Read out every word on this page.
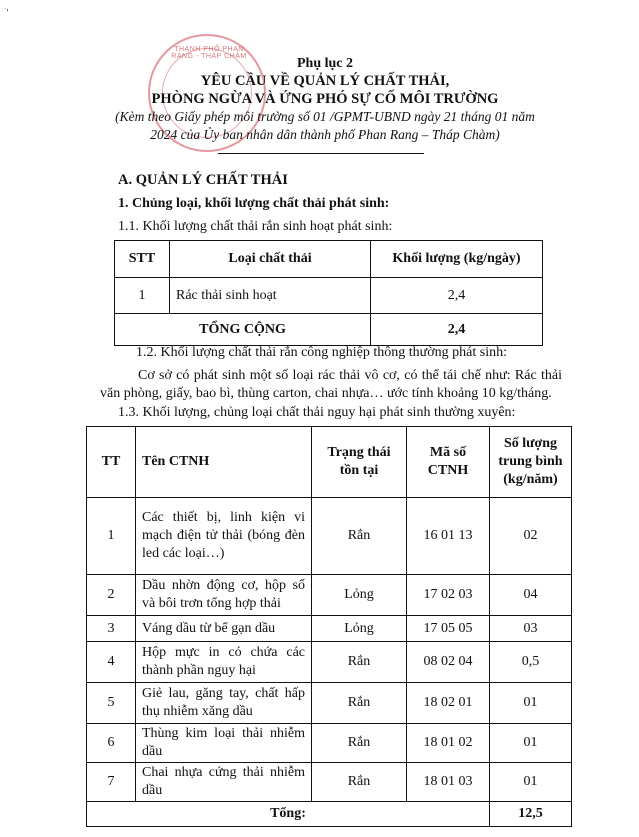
ؘ ′
THÀNH PHỐ PHAN RANG - THÁP CHÀM	Phụ lục 2
YÊU CẦU VỀ QUẢN LÝ CHẤT THẢI,
PHÒNG NGỪA VÀ ỨNG PHÓ SỰ CỐ MÔI TRƯỜNG
(Kèm theo Giấy phép môi trường số 01 /GPMT-UBND ngày 21 tháng 01 năm
2024 của Ủy ban nhân dân thành phố Phan Rang – Tháp Chàm)
A. QUẢN LÝ CHẤT THẢI
1. Chủng loại, khối lượng chất thải phát sinh:
1.1. Khối lượng chất thải rắn sinh hoạt phát sinh:
STT	Loại chất thải	Khối lượng (kg/ngày)
1	Rác thải sinh hoạt	2,4
TỔNG CỘNG		2,4
1.2. Khối lượng chất thải rắn công nghiệp thông thường phát sinh:
Cơ sở có phát sinh một số loại rác thải vô cơ, có thể tái chế như: Rác thải văn phòng, giấy, bao bì, thùng carton, chai nhựa… ước tính khoảng 10 kg/tháng.
1.3. Khối lượng, chủng loại chất thải nguy hại phát sinh thường xuyên:
TT	Tên CTNH	Trạng thái tồn tại	Mã số CTNH	Số lượng trung bình (kg/năm)
1	Các thiết bị, linh kiện vi mạch điện tử thải (bóng đèn led các loại…)	Rắn	16 01 13	02
2	Dầu nhờn động cơ, hộp số và bôi trơn tổng hợp thải	Lỏng	17 02 03	04
3	Váng dầu từ bể gạn dầu	Lỏng	17 05 05	03
4	Hộp mực in có chứa các thành phần nguy hại	Rắn	08 02 04	0,5
5	Giẻ lau, găng tay, chất hấp thụ nhiễm xăng dầu	Rắn	18 02 01	01
6	Thùng kim loại thải nhiễm dầu	Rắn	18 01 02	01
7	Chai nhựa cứng thải nhiễm dầu	Rắn	18 01 03	01
Tổng:				12,5
